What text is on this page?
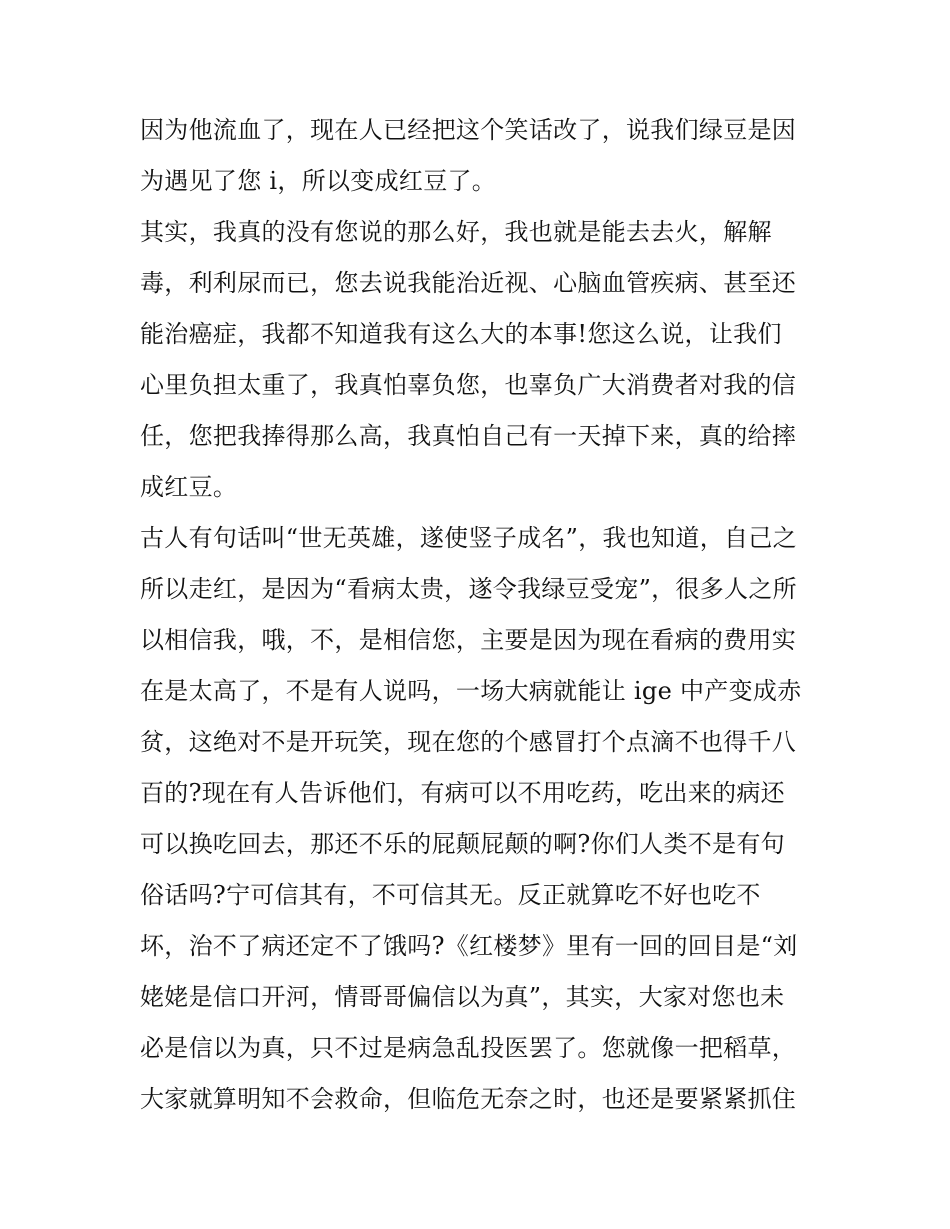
因为他流血了，现在人已经把这个笑话改了，说我们绿豆是因
为遇见了您 i，所以变成红豆了。
其实，我真的没有您说的那么好，我也就是能去去火，解解
毒，利利尿而已，您去说我能治近视、心脑血管疾病、甚至还
能治癌症，我都不知道我有这么大的本事!您这么说，让我们
心里负担太重了，我真怕辜负您，也辜负广大消费者对我的信
任，您把我捧得那么高，我真怕自己有一天掉下来，真的给摔
成红豆。
古人有句话叫“世无英雄，遂使竖子成名”，我也知道，自己之
所以走红，是因为“看病太贵，遂令我绿豆受宠”，很多人之所
以相信我，哦，不，是相信您，主要是因为现在看病的费用实
在是太高了，不是有人说吗，一场大病就能让 ige 中产变成赤
贫，这绝对不是开玩笑，现在您的个感冒打个点滴不也得千八
百的?现在有人告诉他们，有病可以不用吃药，吃出来的病还
可以换吃回去，那还不乐的屁颠屁颠的啊?你们人类不是有句
俗话吗?宁可信其有，不可信其无。反正就算吃不好也吃不
坏，治不了病还定不了饿吗?《红楼梦》里有一回的回目是“刘
姥姥是信口开河，情哥哥偏信以为真”，其实，大家对您也未
必是信以为真，只不过是病急乱投医罢了。您就像一把稻草，
大家就算明知不会救命，但临危无奈之时，也还是要紧紧抓住
